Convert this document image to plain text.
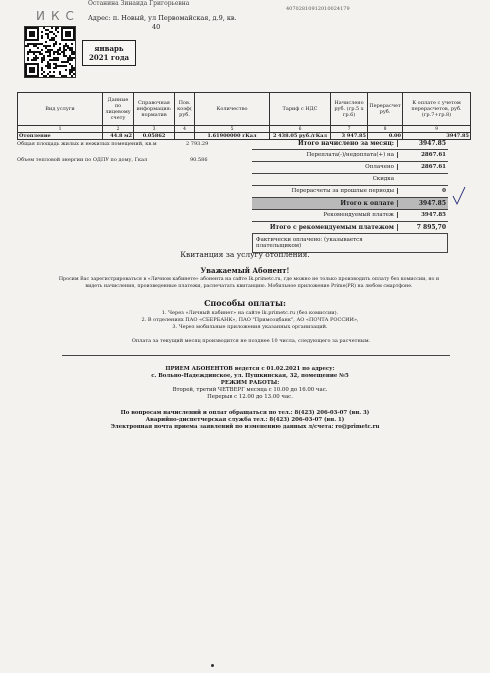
Останина Зинаида Григорьевна
40702810912010024179
ИКС Адрес: п. Новый, ул Первомайская, д.9, кв.
40
январь
2021 года
Вид услуги	Данные по лицевому счету	Справочная информация: норматив	Пов. коэф( руб.	Количество	Тариф с НДС	Начислено руб. (гр.5 х гр.6)	Перерасчет руб.	К оплате с учетом перерасчетов, руб. (гр.7+гр.8)
1	2	3	4	5	6	7	8	9
Отопление	44.8 м2	0.05862		1.61900000 гКал	2 438.05 руб./гКал	3 947.85	0.00	3947.85
Общая площадь жилых и нежилых помещений, кв.м	2 793.29
Объем тепловой энергии по ОДПУ по дому, Гкал	90.586
Итого начислено за месяц:	3947.85
Переплата(-)/недоплата(+) на	2867.61
Оплачено	2867.61
Скидка
Перерасчеты за прошлые периоды	0
Итого к оплате	3947.85
Рекомендуемый платеж	3947.85
Итого с рекомендуемым платежом	7 895,70
Фактически оплачено: (указывается плательщиком)
Квитанция за услугу отопления.
Уважаемый Абонент!
Просим Вас зарегистрироваться в «Личном кабинете» абонента на сайте Ik.primetc.ru, где можно не только производить оплату без комиссии, но и видеть начисления, произведенные платежи, распечатать квитанцию. Мобильное приложение Prime(PR) на любом смартфоне.
Способы оплаты:
1. Через «Личный кабинет» на сайте lk.primetc.ru (без комиссии).
2. В отделениях ПАО «СБЕРБАНК», ПАО "Примсоцбанк", АО «ПОЧТА РОССИИ»,
3. Через мобильные приложения указанных организаций.
Оплата за текущий месяц производится не позднее 10 числа, следующего за расчетным.
ПРИЕМ АБОНЕНТОВ ведется с 01.02.2021 по адресу:
с. Вольно-Надеждинское, ул. Пушкинская, 32, помещение №5
РЕЖИМ РАБОТЫ:
Вторей, третий ЧЕТВЕРГ месяца с 10.00 до 16.00 час.
Перерыв с 12.00 до 13.00 час.
По вопросам начислений и оплат обращаться по тел.: 8(423) 206-03-07 (вн. 3)
Аварийно-диспетчерская служба тел.: 8(423) 206-03-07 (вн. 1)
Электронная почта приема заявлений по изменению данных л/счета: ro@primetc.ru
